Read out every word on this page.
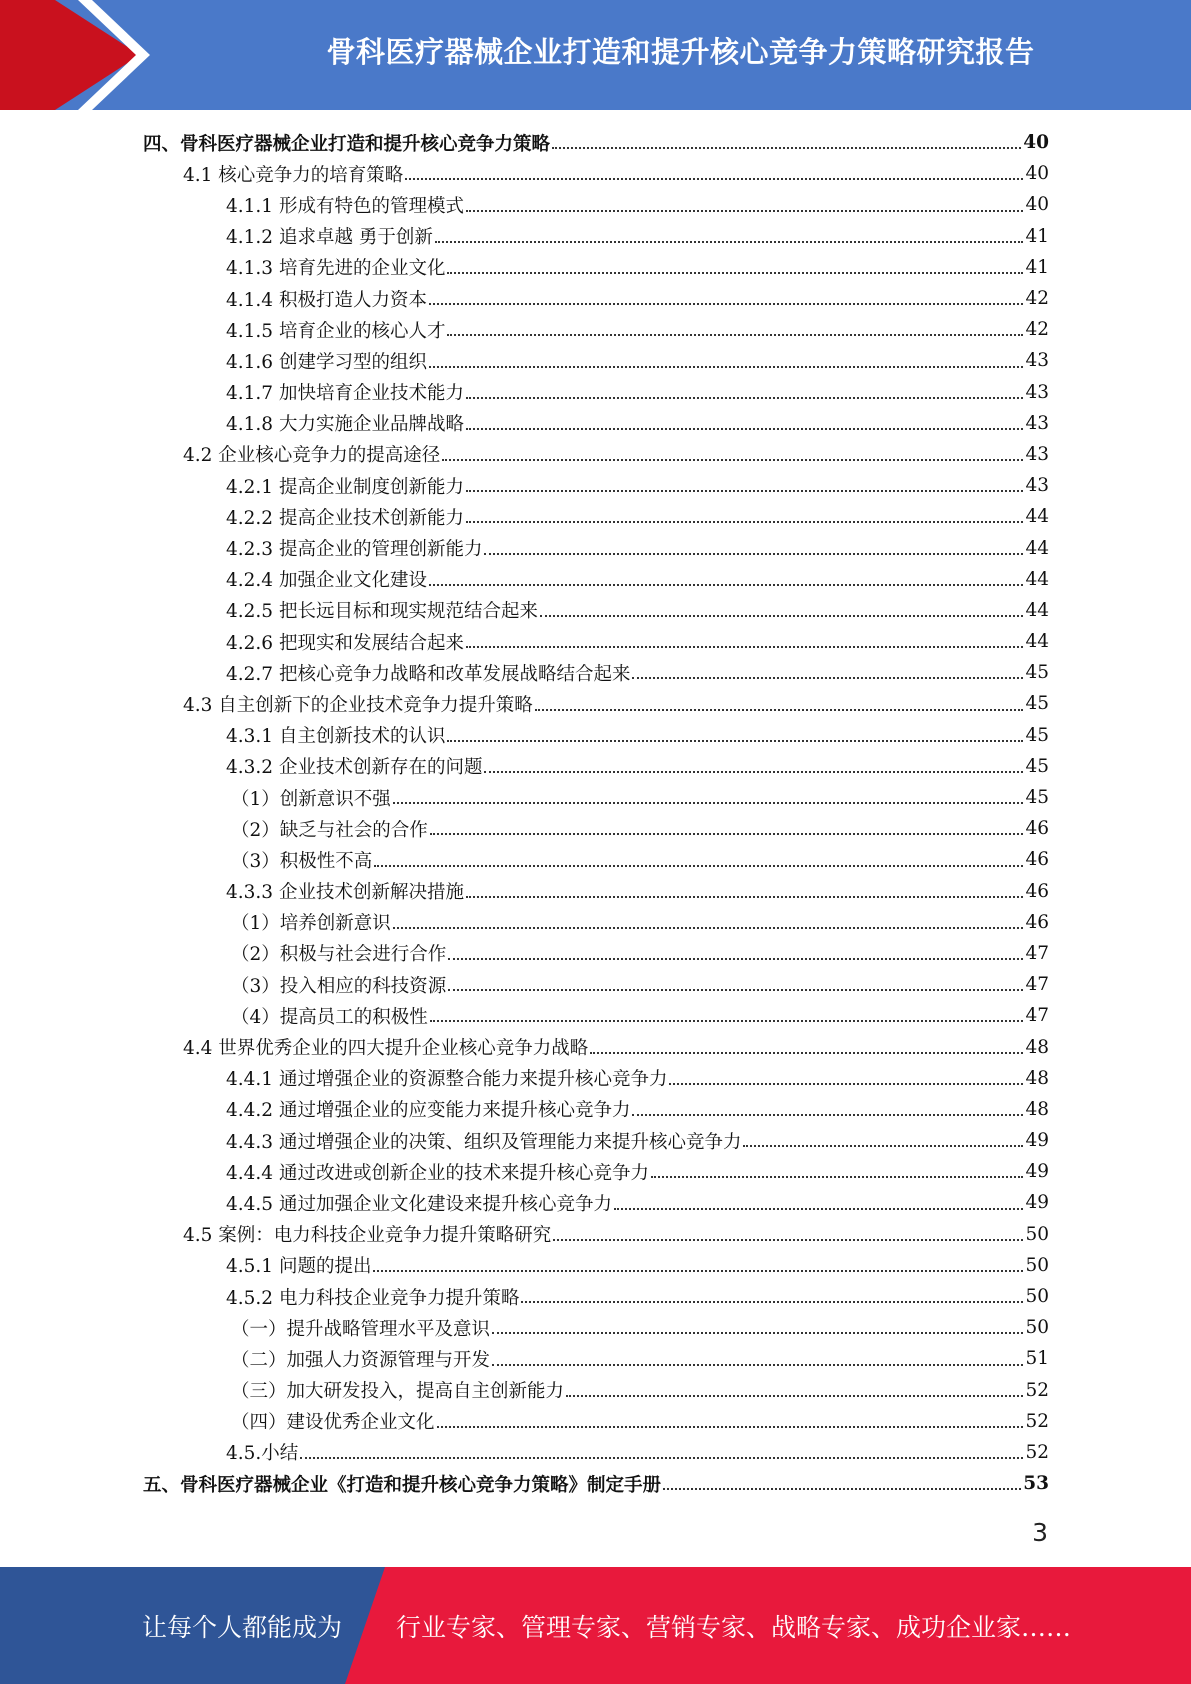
骨科医疗器械企业打造和提升核心竞争力策略研究报告
四、骨科医疗器械企业打造和提升核心竞争力策略	40
4.1 核心竞争力的培育策略	40
4.1.1 形成有特色的管理模式	40
4.1.2 追求卓越 勇于创新	41
4.1.3 培育先进的企业文化	41
4.1.4 积极打造人力资本	42
4.1.5 培育企业的核心人才	42
4.1.6 创建学习型的组织	43
4.1.7 加快培育企业技术能力	43
4.1.8 大力实施企业品牌战略	43
4.2 企业核心竞争力的提高途径	43
4.2.1 提高企业制度创新能力	43
4.2.2 提高企业技术创新能力	44
4.2.3 提高企业的管理创新能力	44
4.2.4 加强企业文化建设	44
4.2.5 把长远目标和现实规范结合起来	44
4.2.6 把现实和发展结合起来	44
4.2.7 把核心竞争力战略和改革发展战略结合起来	45
4.3 自主创新下的企业技术竞争力提升策略	45
4.3.1 自主创新技术的认识	45
4.3.2 企业技术创新存在的问题	45
（1）创新意识不强	45
（2）缺乏与社会的合作	46
（3）积极性不高	46
4.3.3 企业技术创新解决措施	46
（1）培养创新意识	46
（2）积极与社会进行合作	47
（3）投入相应的科技资源	47
（4）提高员工的积极性	47
4.4 世界优秀企业的四大提升企业核心竞争力战略	48
4.4.1 通过增强企业的资源整合能力来提升核心竞争力	48
4.4.2 通过增强企业的应变能力来提升核心竞争力	48
4.4.3 通过增强企业的决策、组织及管理能力来提升核心竞争力	49
4.4.4 通过改进或创新企业的技术来提升核心竞争力	49
4.4.5 通过加强企业文化建设来提升核心竞争力	49
4.5 案例：电力科技企业竞争力提升策略研究	50
4.5.1 问题的提出	50
4.5.2 电力科技企业竞争力提升策略	50
（一）提升战略管理水平及意识	50
（二）加强人力资源管理与开发	51
（三）加大研发投入，提高自主创新能力	52
（四）建设优秀企业文化	52
4.5.小结	52
五、骨科医疗器械企业《打造和提升核心竞争力策略》制定手册	53
3
让每个人都能成为 行业专家、管理专家、营销专家、战略专家、成功企业家……
